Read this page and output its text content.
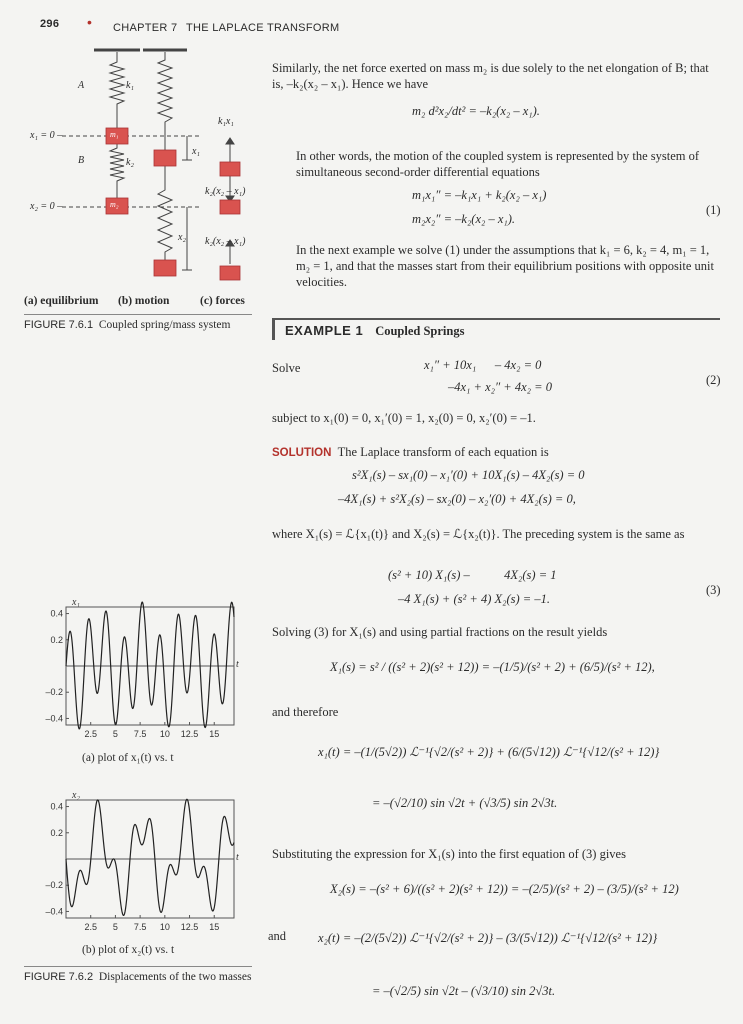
296 • CHAPTER 7 THE LAPLACE TRANSFORM
A	k₁
B	k₂
m₁
m₂
x₁ = 0 –
x₂ = 0 –
k₁x₁
k₂(x₂ – x₁)
k₂(x₂ – x₁)
x₁
x₂
(a) equilibrium (b) motion	(c) forces
FIGURE 7.6.1 Coupled spring/mass system
Similarly, the net force exerted on mass m₂ is due solely to the net elongation of B; that is, –k₂(x₂ – x₁). Hence we have
m₂ d²x₂/dt² = –k₂(x₂ – x₁).
In other words, the motion of the coupled system is represented by the system of simultaneous second-order differential equations
m₁x₁″ = –k₁x₁ + k₂(x₂ – x₁)
m₂x₂″ = –k₂(x₂ – x₁).
(1)
In the next example we solve (1) under the assumptions that k₁ = 6, k₂ = 4, m₁ = 1, m₂ = 1, and that the masses start from their equilibrium positions with opposite unit velocities.
EXAMPLE 1 Coupled Springs
Solve	x₁″ + 10x₁      – 4x₂ = 0
–4x₁ + x₂″ + 4x₂ = 0	(2)
subject to x₁(0) = 0, x₁′(0) = 1, x₂(0) = 0, x₂′(0) = –1.
SOLUTION The Laplace transform of each equation is
s²X₁(s) – sx₁(0) – x₁′(0) + 10X₁(s) – 4X₂(s) = 0
–4X₁(s) + s²X₂(s) – sx₂(0) – x₂′(0) + 4X₂(s) = 0,
where X₁(s) = ℒ{x₁(t)} and X₂(s) = ℒ{x₂(t)}. The preceding system is the same as
(s² + 10) X₁(s) –           4X₂(s) = 1
–4 X₁(s) + (s² + 4) X₂(s) = –1.
(3)
Solving (3) for X₁(s) and using partial fractions on the result yields
X₁(s) = s² / ((s² + 2)(s² + 12)) = –(1/5)/(s² + 2) + (6/5)/(s² + 12),
and therefore
x₁(t) = –(1/(5√2)) ℒ⁻¹{√2/(s² + 2)} + (6/(5√12)) ℒ⁻¹{√12/(s² + 12)}
= –(√2/10) sin √2t + (√3/5) sin 2√3t.
Substituting the expression for X₁(s) into the first equation of (3) gives
X₂(s) = –(s² + 6)/((s² + 2)(s² + 12)) = –(2/5)/(s² + 2) – (3/5)/(s² + 12)
and	x₂(t) = –(2/(5√2)) ℒ⁻¹{√2/(s² + 2)} – (3/(5√12)) ℒ⁻¹{√12/(s² + 12)}
= –(√2/5) sin √2t – (√3/10) sin 2√3t.
x₁
t
–0.4
–0.2
0.2
0.4
2.5 5 7.5 10 12.5 15
(a) plot of x₁(t) vs. t
x₂
t
–0.4
–0.2
0.2
0.4
2.5 5 7.5 10 12.5 15
(b) plot of x₂(t) vs. t
FIGURE 7.6.2 Displacements of the two masses
